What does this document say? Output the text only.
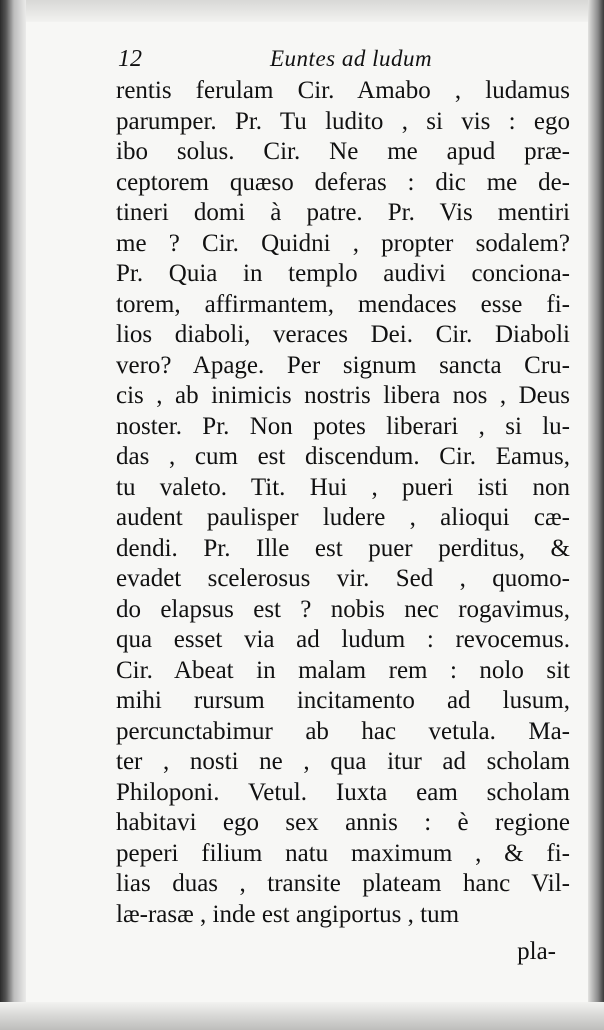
12	Euntes ad ludum
rentis ferulam Cir. Amabo , ludamus
parumper. Pr. Tu ludito , si vis : ego
ibo solus. Cir. Ne me apud præ-
ceptorem quæso deferas : dic me de-
tineri domi à patre. Pr. Vis mentiri
me ? Cir. Quidni , propter sodalem?
Pr. Quia in templo audivi concionа-
torem, affirmantem, mendaces esse fi-
lios diaboli, veraces Dei. Cir. Diaboli
vero? Apage. Per signum sancta Cru-
cis , ab inimicis nostris libera nos , Deus
noster. Pr. Non potes liberari , si lu-
das , cum est discendum. Cir. Eamus,
tu valeto. Tit. Hui , pueri isti non
audent paulisper ludere , alioqui cæ-
dendi. Pr. Ille est puer perditus, &
evadet scelerosus vir. Sed , quomo-
do elapsus est ? nobis nec rogavimus,
qua esset via ad ludum : revocemus.
Cir. Abeat in malam rem : nolo sit
mihi rursum incitamento ad lusum,
percunctabimur ab hac vetula. Ma-
ter , nosti ne , qua itur ad scholam
Philoponi. Vetul. Iuxta eam scholam
habitavi ego sex annis : è regione
peperi filium natu maximum , & fi-
lias duas , transite plateam hanc Vil-
læ-rasæ , inde est angiportus , tum
pla-
